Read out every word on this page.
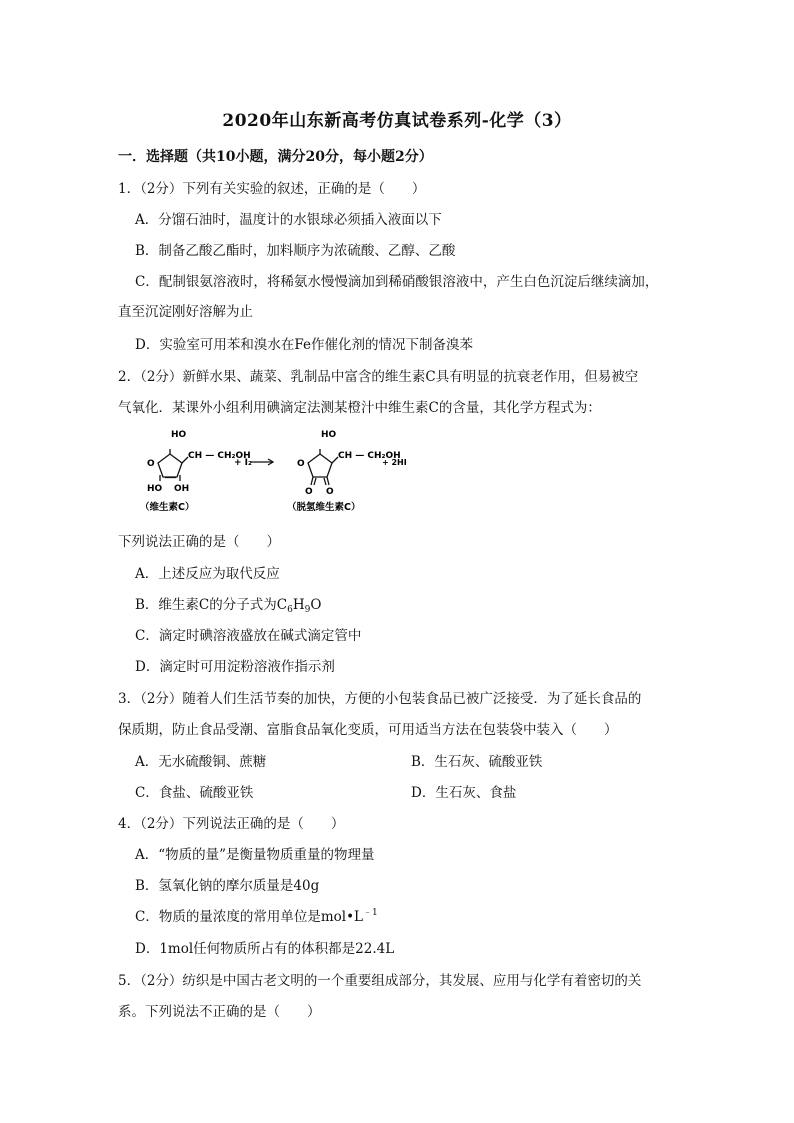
2020年山东新高考仿真试卷系列-化学（3）
一．选择题（共10小题，满分20分，每小题2分）
1．（2分）下列有关实验的叙述，正确的是（　　）
A．分馏石油时，温度计的水银球必须插入液面以下
B．制备乙酸乙酯时，加料顺序为浓硫酸、乙醇、乙酸
C．配制银氨溶液时，将稀氨水慢慢滴加到稀硝酸银溶液中，产生白色沉淀后继续滴加，
直至沉淀刚好溶解为止
D．实验室可用苯和溴水在Fe作催化剂的情况下制备溴苯
2．（2分）新鲜水果、蔬菜、乳制品中富含的维生素C具有明显的抗衰老作用，但易被空
气氧化．某课外小组利用碘滴定法测某橙汁中维生素C的含量，其化学方程式为：
HO
CH — CH₂OH
O
HO OH
+ I₂
HO
CH — CH₂OH
O
O O
+ 2HI
（维生素C）	（脱氢维生素C）
下列说法正确的是（　　）
A．上述反应为取代反应
B．维生素C的分子式为$C_6H_9O$
C．滴定时碘溶液盛放在碱式滴定管中
D．滴定时可用淀粉溶液作指示剂
3．（2分）随着人们生活节奏的加快，方便的小包装食品已被广泛接受．为了延长食品的
保质期，防止食品受潮、富脂食品氧化变质，可用适当方法在包装袋中装入（　　）
A．无水硫酸铜、蔗糖	B．生石灰、硫酸亚铁
C．食盐、硫酸亚铁	D．生石灰、食盐
4．（2分）下列说法正确的是（　　）
A．“物质的量”是衡量物质重量的物理量
B．氢氧化钠的摩尔质量是40g
C．物质的量浓度的常用单位是$mol•L^{﹣1}$
D．1mol任何物质所占有的体积都是22.4L
5．（2分）纺织是中国古老文明的一个重要组成部分，其发展、应用与化学有着密切的关
系。下列说法不正确的是（　　）
